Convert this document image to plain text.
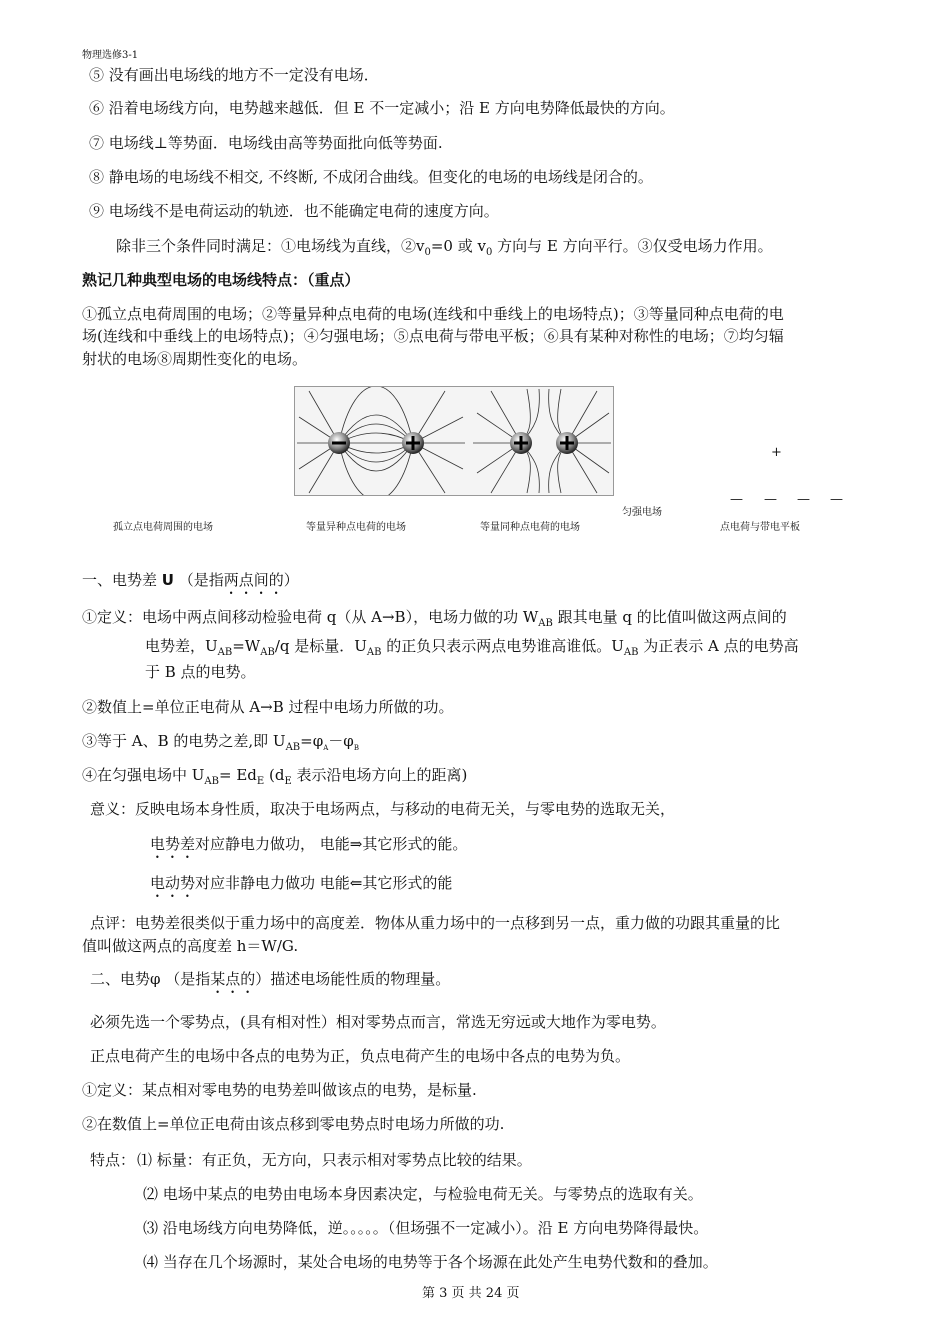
物理选修3-1
⑤ 没有画出电场线的地方不一定没有电场．
⑥ 沿着电场线方向，电势越来越低．但 E 不一定减小；沿 E 方向电势降低最快的方向。
⑦ 电场线⊥等势面．电场线由高等势面批向低等势面.
⑧ 静电场的电场线不相交, 不终断, 不成闭合曲线。但变化的电场的电场线是闭合的。
⑨ 电场线不是电荷运动的轨迹．也不能确定电荷的速度方向。
除非三个条件同时满足：①电场线为直线，$②v_0=0$ 或 $v_0$ 方向与 E 方向平行。③仅受电场力作用。
熟记几种典型电场的电场线特点：（重点）
①孤立点电荷周围的电场；②等量异种点电荷的电场(连线和中垂线上的电场特点)；③等量同种点电荷的电
场(连线和中垂线上的电场特点)；④匀强电场；⑤点电荷与带电平板；⑥具有某种对称性的电场；⑦均匀辐
射状的电场⑧周期性变化的电场。
+
— — — —
孤立点电荷周围的电场	等量异种点电荷的电场	等量同种点电荷的电场
匀强电场
点电荷与带电平板
一、电势差 U （是指两点间的）
①定义：电场中两点间移动检验电荷 q（从 A→B），电场力做的功 $W_{AB}$ 跟其电量 q 的比值叫做这两点间的
电势差，$U_{AB}=W_{AB}/q$ 是标量．$U_{AB}$ 的正负只表示两点电势谁高谁低。$U_{AB}$ 为正表示 A 点的电势高
于 B 点的电势。
②数值上=单位正电荷从 A→B 过程中电场力所做的功。
③等于 A、B 的电势之差,即 $U_{AB}=\varphi_A-\varphi_B$
④在匀强电场中 $U_{AB}= Ed_E$ ($d_E$ 表示沿电场方向上的距离)
意义：反映电场本身性质，取决于电场两点，与移动的电荷无关，与零电势的选取无关，
电势差对应静电力做功， 电能⇒其它形式的能。
电动势对应非静电力做功 电能⇐其它形式的能
点评：电势差很类似于重力场中的高度差．物体从重力场中的一点移到另一点，重力做的功跟其重量的比
值叫做这两点的高度差 h＝W/G.
二、电势φ （是指某点的）描述电场能性质的物理量。
必须先选一个零势点，(具有相对性）相对零势点而言，常选无穷远或大地作为零电势。
正点电荷产生的电场中各点的电势为正，负点电荷产生的电场中各点的电势为负。
①定义：某点相对零电势的电势差叫做该点的电势，是标量.
②在数值上=单位正电荷由该点移到零电势点时电场力所做的功.
特点： ⑴ 标量：有正负，无方向，只表示相对零势点比较的结果。
⑵ 电场中某点的电势由电场本身因素决定，与检验电荷无关。与零势点的选取有关。
⑶ 沿电场线方向电势降低，逆。。。。。（但场强不一定减小）。沿 E 方向电势降得最快。
⑷ 当存在几个场源时，某处合电场的电势等于各个场源在此处产生电势代数和的叠加。
第 3 页 共 24 页
